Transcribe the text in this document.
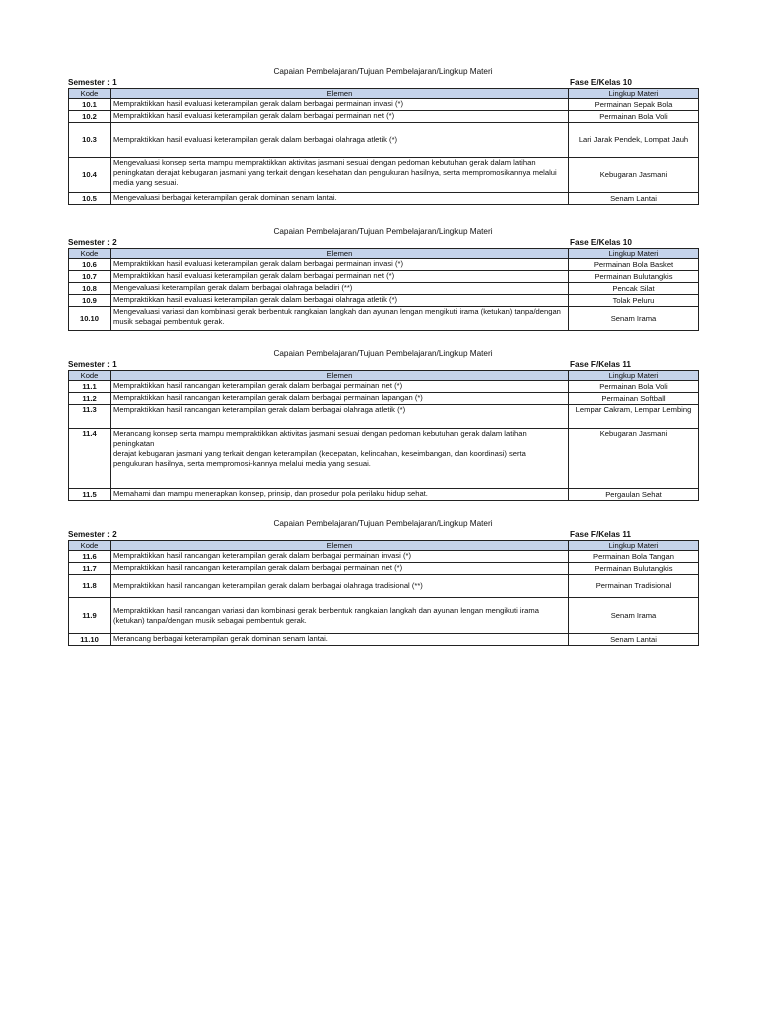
Capaian Pembelajaran/Tujuan Pembelajaran/Lingkup Materi
Semester : 1	Fase E/Kelas 10
Kode	Elemen	Lingkup Materi
10.1	Mempraktikkan hasil evaluasi keterampilan gerak dalam berbagai permainan invasi (*)	Permainan Sepak Bola
10.2	Mempraktikkan hasil evaluasi keterampilan gerak dalam berbagai permainan net (*)	Permainan Bola Voli
10.3	Mempraktikkan hasil evaluasi keterampilan gerak dalam berbagai olahraga atletik (*)	Lari Jarak Pendek, Lompat Jauh
10.4	Mengevaluasi konsep serta mampu mempraktikkan aktivitas jasmani sesuai dengan pedoman kebutuhan gerak dalam latihan peningkatan derajat kebugaran jasmani yang terkait dengan kesehatan dan pengukuran hasilnya, serta mempromosikannya melalui media yang sesuai.	Kebugaran Jasmani
10.5	Mengevaluasi berbagai keterampilan gerak dominan senam lantai.	Senam Lantai
Capaian Pembelajaran/Tujuan Pembelajaran/Lingkup Materi
Semester : 2	Fase E/Kelas 10
Kode	Elemen	Lingkup Materi
10.6	Mempraktikkan hasil evaluasi keterampilan gerak dalam berbagai permainan invasi (*)	Permainan Bola Basket
10.7	Mempraktikkan hasil evaluasi keterampilan gerak dalam berbagai permainan net (*)	Permainan Bulutangkis
10.8	Mengevaluasi keterampilan gerak dalam berbagai olahraga beladiri (**)	Pencak Silat
10.9	Mempraktikkan hasil evaluasi keterampilan gerak dalam berbagai olahraga atletik (*)	Tolak Peluru
10.10	Mengevaluasi variasi dan kombinasi gerak berbentuk rangkaian langkah dan ayunan lengan mengikuti irama (ketukan) tanpa/dengan musik sebagai pembentuk gerak.	Senam Irama
Capaian Pembelajaran/Tujuan Pembelajaran/Lingkup Materi
Semester : 1	Fase F/Kelas 11
Kode	Elemen	Lingkup Materi
11.1	Mempraktikkan hasil rancangan keterampilan gerak dalam berbagai permainan net (*)	Permainan Bola Voli
11.2	Mempraktikkan hasil rancangan keterampilan gerak dalam berbagai permainan lapangan (*)	Permainan Softball
11.3	Mempraktikkan hasil rancangan keterampilan gerak dalam berbagai olahraga atletik (*)	Lempar Cakram, Lempar Lembing
11.4	Merancang konsep serta mampu mempraktikkan aktivitas jasmani sesuai dengan pedoman kebutuhan gerak dalam latihan peningkatan
derajat kebugaran jasmani yang terkait dengan keterampilan (kecepatan, kelincahan, keseimbangan, dan koordinasi) serta pengukuran hasilnya, serta mempromosi-kannya melalui media yang sesuai.	Kebugaran Jasmani
11.5	Memahami dan mampu menerapkan konsep, prinsip, dan prosedur pola perilaku hidup sehat.	Pergaulan Sehat
Capaian Pembelajaran/Tujuan Pembelajaran/Lingkup Materi
Semester : 2	Fase F/Kelas 11
Kode	Elemen	Lingkup Materi
11.6	Mempraktikkan hasil rancangan keterampilan gerak dalam berbagai permainan invasi (*)	Permainan Bola Tangan
11.7	Mempraktikkan hasil rancangan keterampilan gerak dalam berbagai permainan net (*)	Permainan Bulutangkis
11.8	Mempraktikkan hasil rancangan keterampilan gerak dalam berbagai olahraga tradisional (**)	Permainan Tradisional
11.9	Mempraktikkan hasil rancangan variasi dan kombinasi gerak berbentuk rangkaian langkah dan ayunan lengan mengikuti irama (ketukan) tanpa/dengan musik sebagai pembentuk gerak.	Senam Irama
11.10	Merancang berbagai keterampilan gerak dominan senam lantai.	Senam Lantai
